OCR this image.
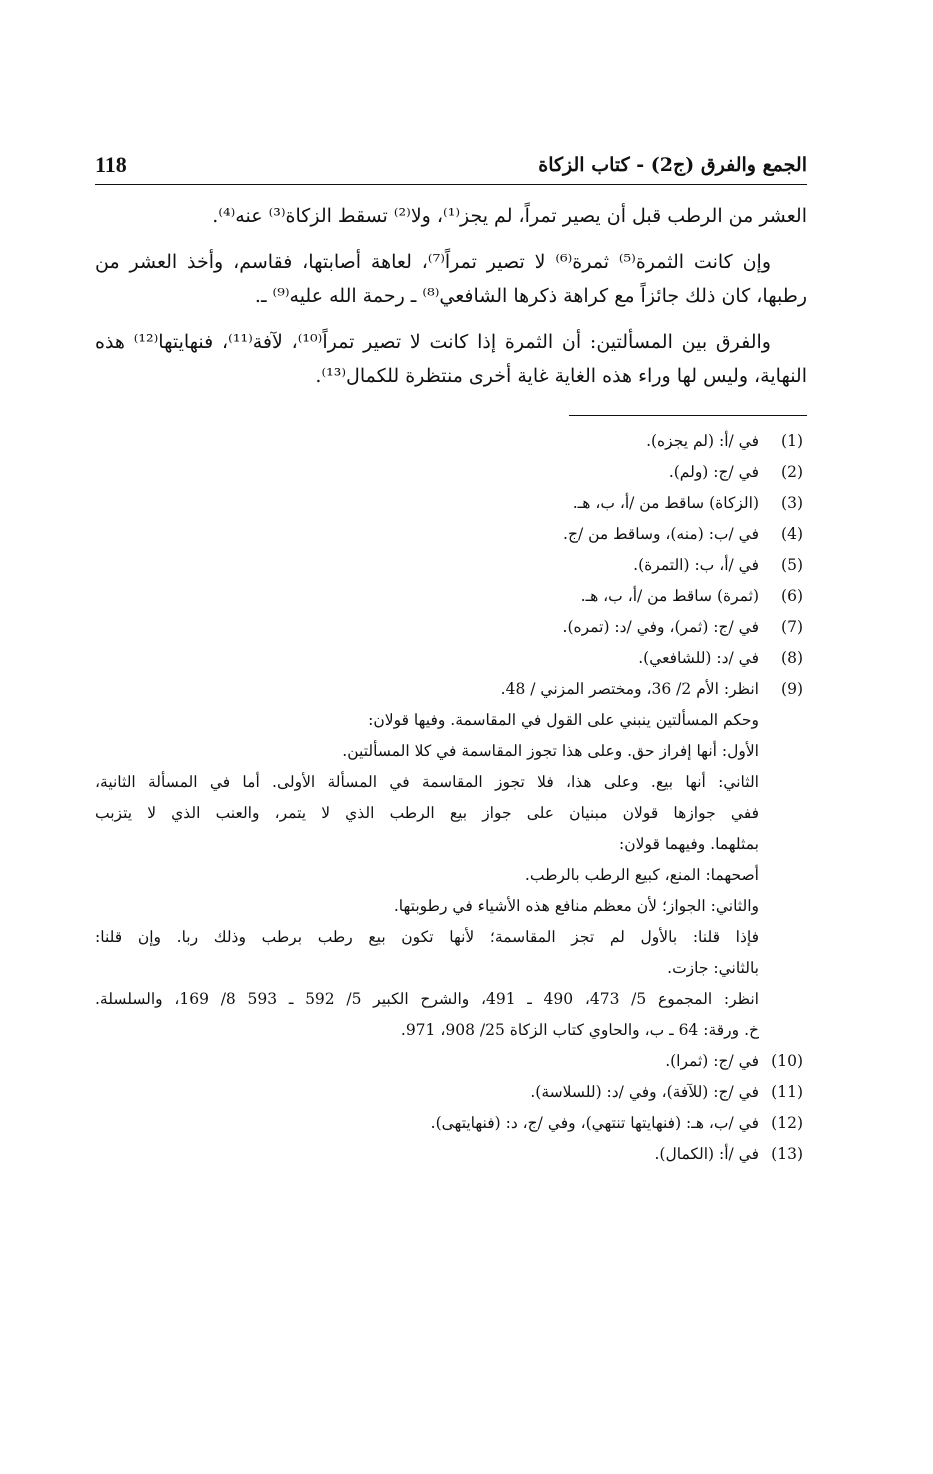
الجمع والفرق (ج2) - كتاب الزكاة
118

العشر من الرطب قبل أن يصير تمراً، لم يجز⁽¹⁾، ولا⁽²⁾ تسقط الزكاة⁽³⁾ عنه⁽⁴⁾.

وإن كانت الثمرة⁽⁵⁾ ثمرة⁽⁶⁾ لا تصير تمراً⁽⁷⁾، لعاهة أصابتها، فقاسم، وأخذ العشر من رطبها، كان ذلك جائزاً مع كراهة ذكرها الشافعي⁽⁸⁾ ـ رحمة الله عليه⁽⁹⁾ ـ.

والفرق بين المسألتين: أن الثمرة إذا كانت لا تصير تمراً⁽¹⁰⁾، لآفة⁽¹¹⁾، فنهايتها⁽¹²⁾ هذه النهاية، وليس لها وراء هذه الغاية غاية أخرى منتظرة للكمال⁽¹³⁾.

(1)
في /أ: (لم يجزه).
(2)
في /ج: (ولم).
(3)
(الزكاة) ساقط من /أ، ب، هـ.
(4)
في /ب: (منه)، وساقط من /ج.
(5)
في /أ، ب: (التمرة).
(6)
(ثمرة) ساقط من /أ، ب، هـ.
(7)
في /ج: (ثمر)، وفي /د: (تمره).
(8)
في /د: (للشافعي).
(9)
انظر: الأم 2/ 36، ومختصر المزني / 48.
وحكم المسألتين ينبني على القول في المقاسمة. وفيها قولان:
الأول: أنها إفراز حق. وعلى هذا تجوز المقاسمة في كلا المسألتين.
الثاني: أنها بيع. وعلى هذا، فلا تجوز المقاسمة في المسألة الأولى. أما في المسألة الثانية،
ففي جوازها قولان مبنيان على جواز بيع الرطب الذي لا يتمر، والعنب الذي لا يتزبب
بمثلهما. وفيهما قولان:
أصحهما: المنع، كبيع الرطب بالرطب.
والثاني: الجواز؛ لأن معظم منافع هذه الأشياء في رطوبتها.
فإذا قلنا: بالأول لم تجز المقاسمة؛ لأنها تكون بيع رطب برطب وذلك ربا. وإن قلنا:
بالثاني: جازت.
انظر: المجموع 5/ 473، 490 ـ 491، والشرح الكبير 5/ 592 ـ 593 8/ 169، والسلسلة.
خ. ورقة: 64 ـ ب، والحاوي كتاب الزكاة 25/ 908، 971.
(10)
في /ج: (ثمرا).
(11)
في /ج: (للآفة)، وفي /د: (للسلاسة).
(12)
في /ب، هـ: (فنهايتها تنتهي)، وفي /ج، د: (فنهايتهى).
(13)
في /أ: (الكمال).
